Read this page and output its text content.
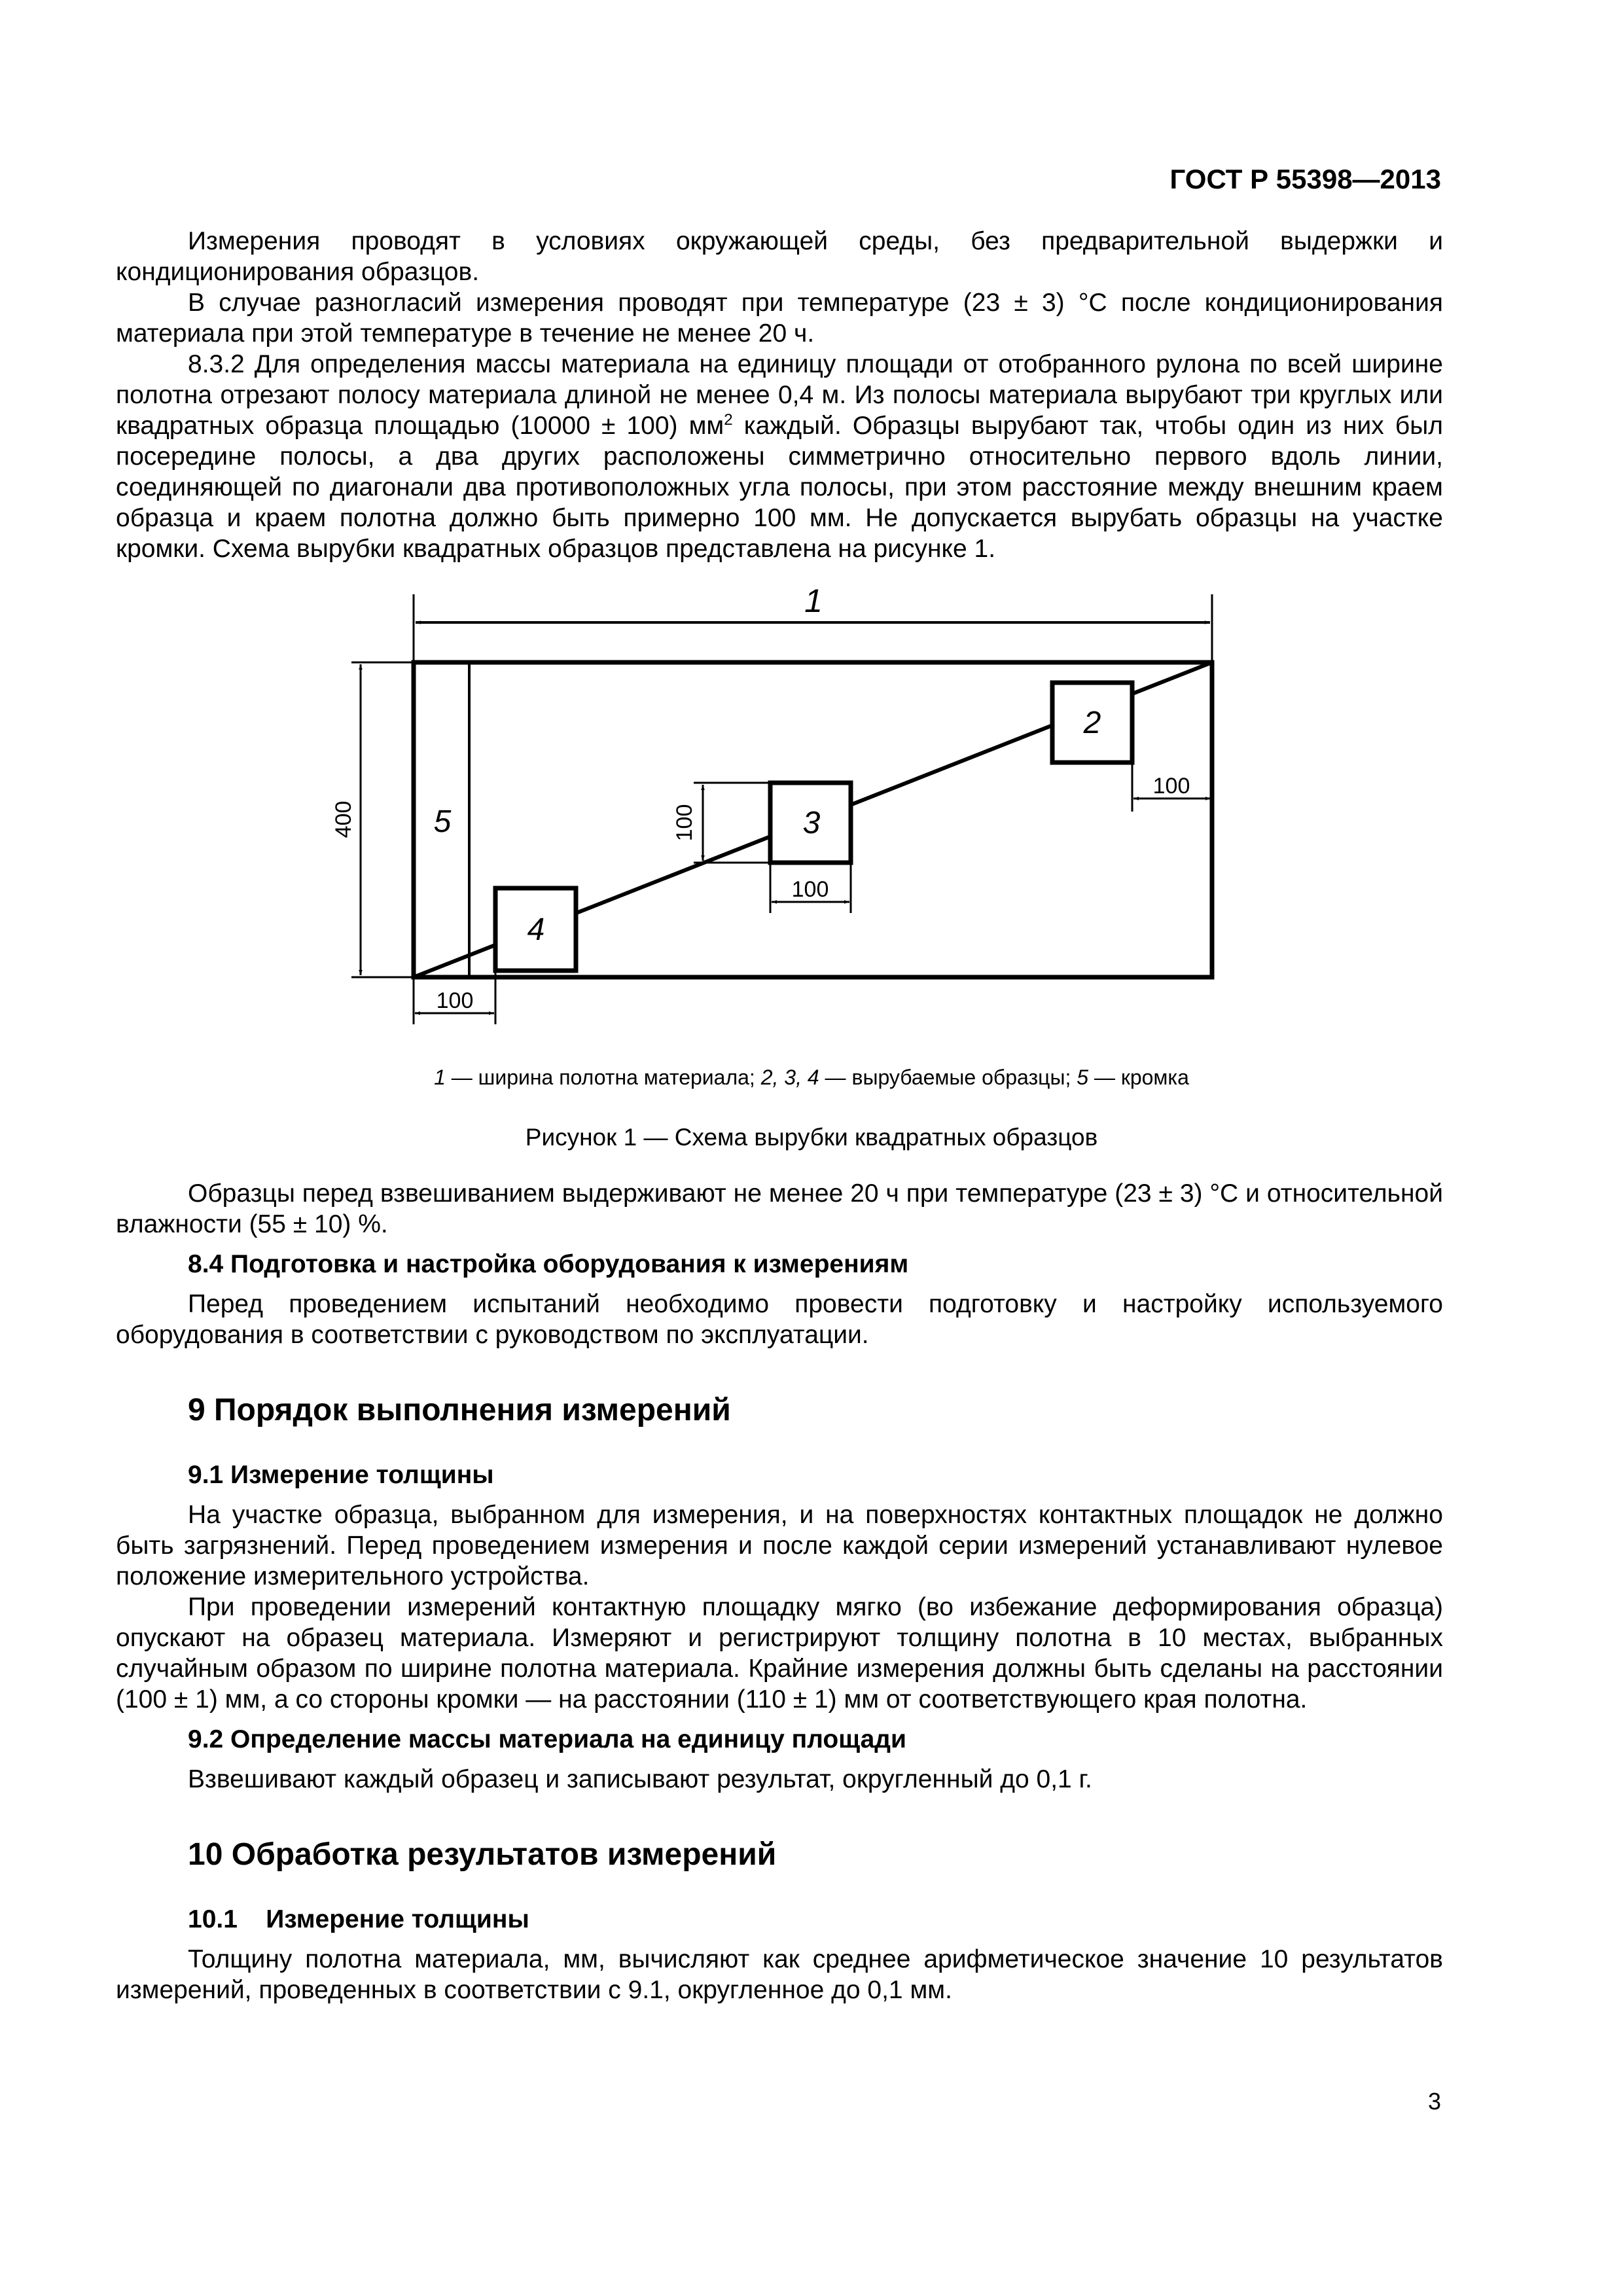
ГОСТ Р 55398—2013

Измерения проводят в условиях окружающей среды, без предварительной выдержки и кондиционирования образцов.

В случае разногласий измерения проводят при температуре (23 ± 3) °С после кондиционирования материала при этой температуре в течение не менее 20 ч.

8.3.2 Для определения массы материала на единицу площади от отобранного рулона по всей ширине полотна отрезают полосу материала длиной не менее 0,4 м. Из полосы материала вырубают три круглых или квадратных образца площадью (10000 ± 100) $мм^2$ каждый. Образцы вырубают так, чтобы один из них был посередине полосы, а два других расположены симметрично относительно первого вдоль линии, соединяющей по диагонали два противоположных угла полосы, при этом расстояние между внешним краем образца и краем полотна должно быть примерно 100 мм. Не допускается вырубать образцы на участке кромки. Схема вырубки квадратных образцов представлена на рисунке 1.

1
5
4
3
2
400	100
100
100
100
1 — ширина полотна материала; 2, 3, 4 — вырубаемые образцы; 5 — кромка
Рисунок 1 — Схема вырубки квадратных образцов

Образцы перед взвешиванием выдерживают не менее 20 ч при температуре (23 ± 3) °С и относительной влажности (55 ± 10) %.

8.4 Подготовка и настройка оборудования к измерениям

Перед проведением испытаний необходимо провести подготовку и настройку используемого оборудования в соответствии с руководством по эксплуатации.

9 Порядок выполнения измерений

9.1 Измерение толщины

На участке образца, выбранном для измерения, и на поверхностях контактных площадок не должно быть загрязнений. Перед проведением измерения и после каждой серии измерений устанавливают нулевое положение измерительного устройства.

При проведении измерений контактную площадку мягко (во избежание деформирования образца) опускают на образец материала. Измеряют и регистрируют толщину полотна в 10 местах, выбранных случайным образом по ширине полотна материала. Крайние измерения должны быть сделаны на расстоянии (100 ± 1) мм, а со стороны кромки — на расстоянии (110 ± 1) мм от соответствующего края полотна.

9.2 Определение массы материала на единицу площади

Взвешивают каждый образец и записывают результат, округленный до 0,1 г.

10 Обработка результатов измерений

10.1    Измерение толщины

Толщину полотна материала, мм, вычисляют как среднее арифметическое значение 10 результатов измерений, проведенных в соответствии с 9.1, округленное до 0,1 мм.

3
